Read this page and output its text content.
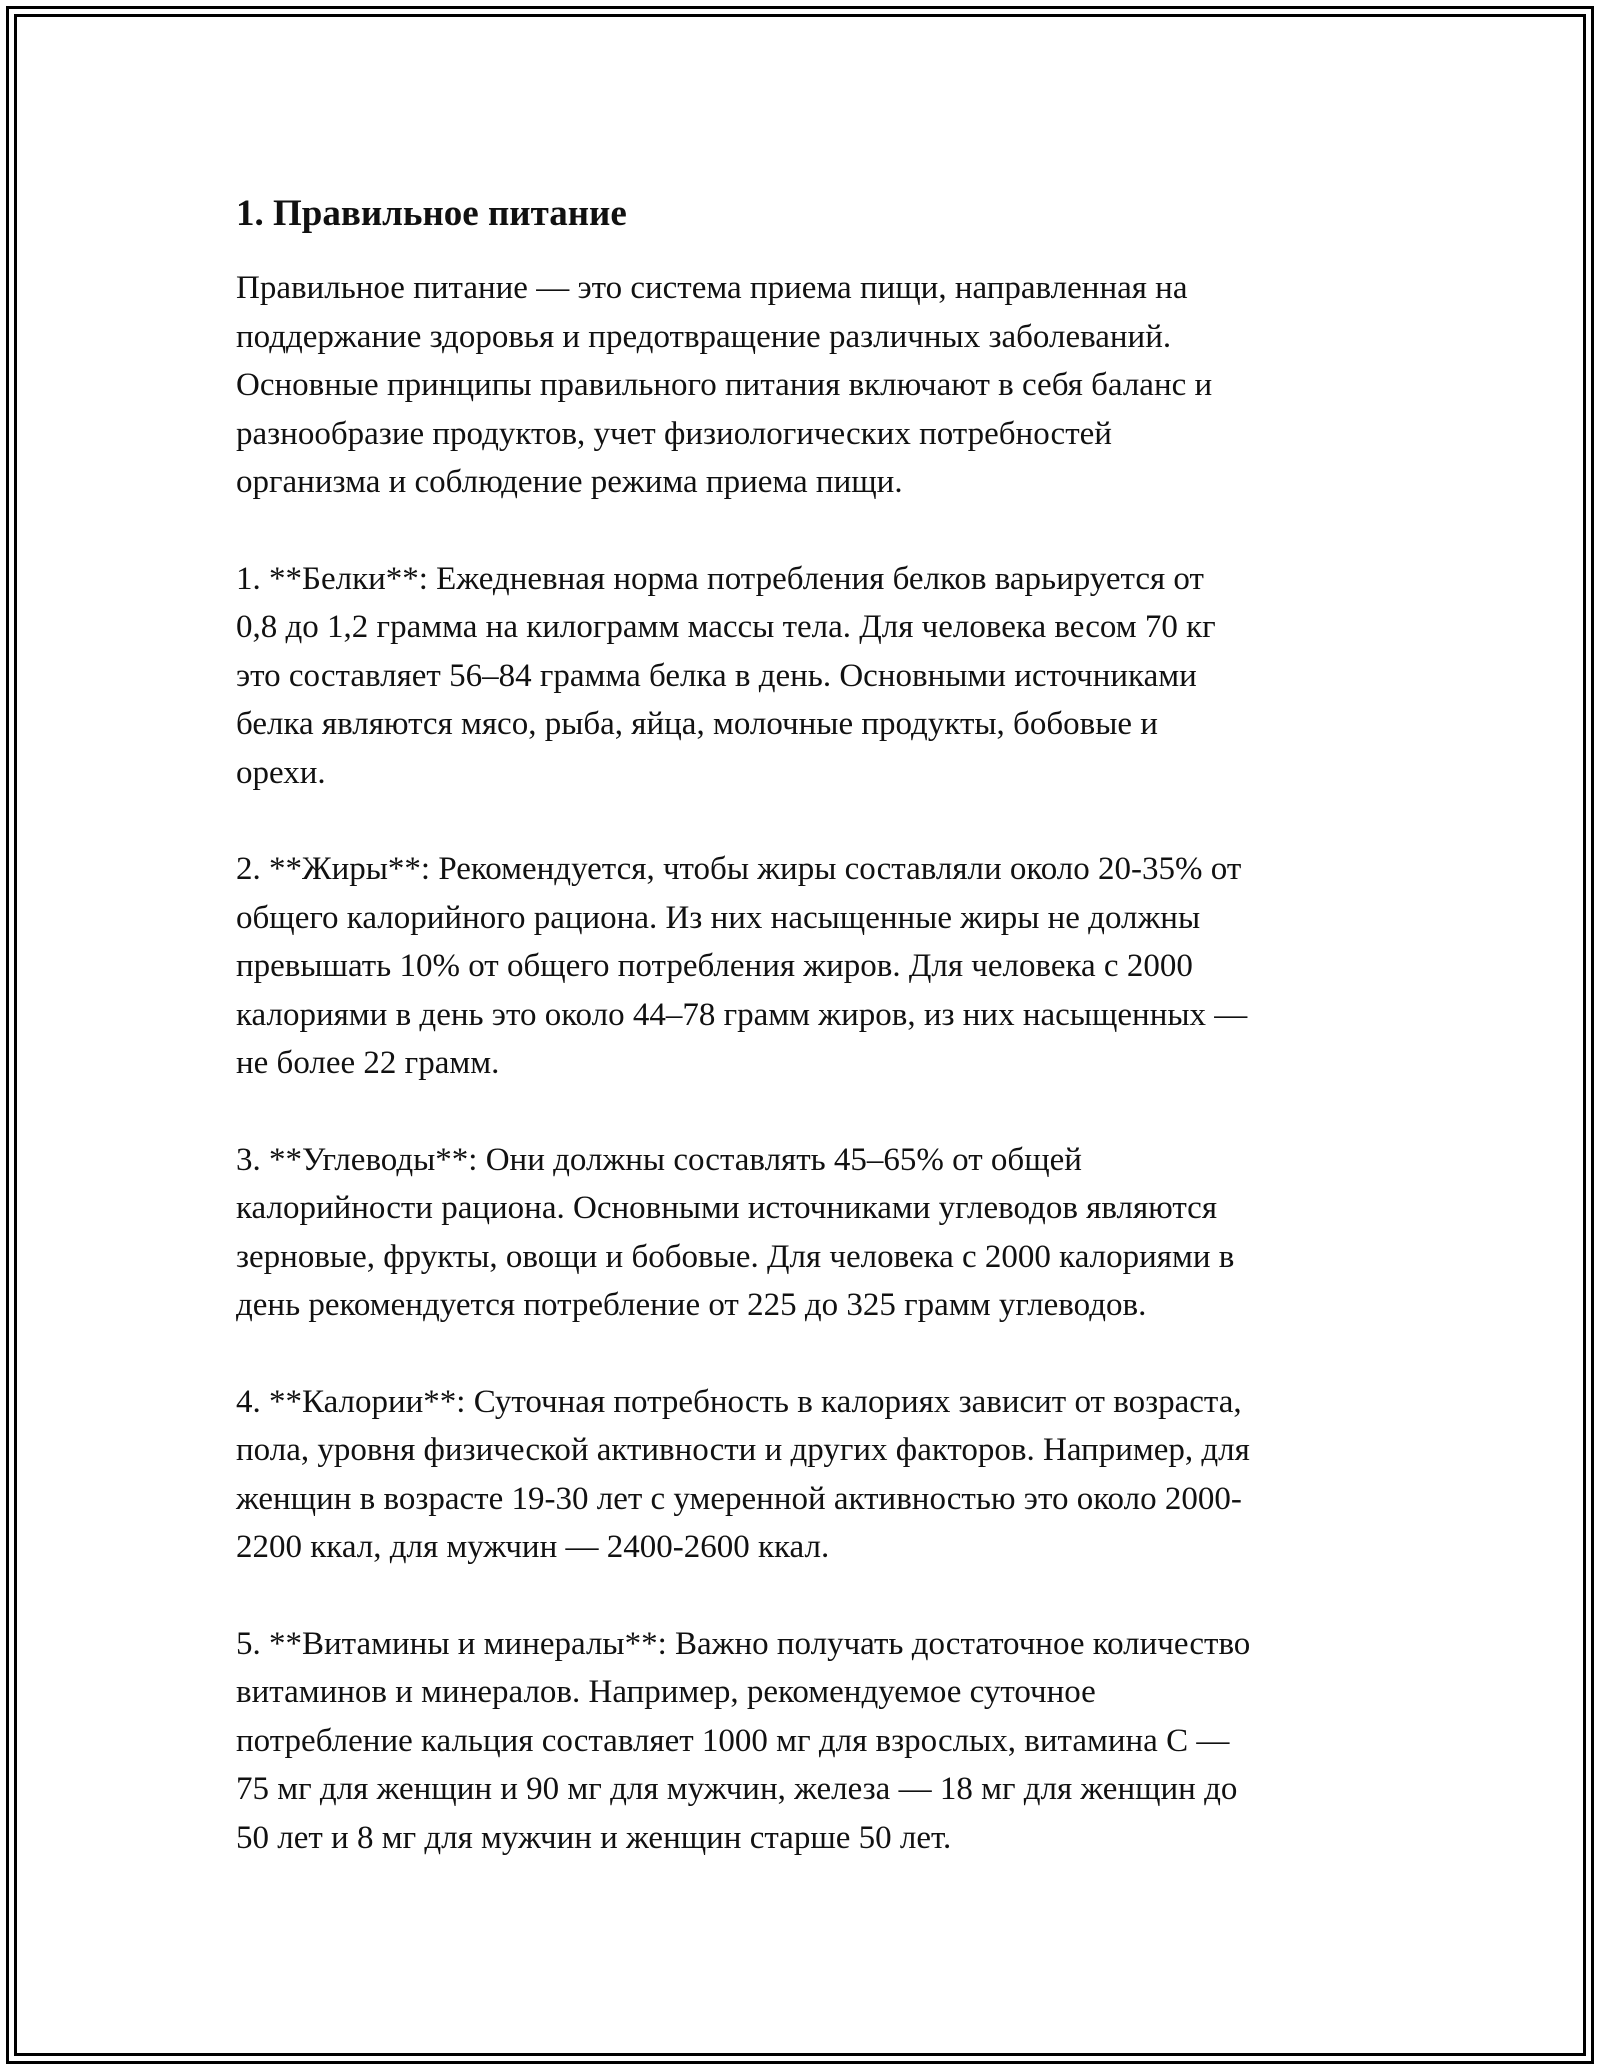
1. Правильное питание

Правильное питание — это система приема пищи, направленная на
поддержание здоровья и предотвращение различных заболеваний.
Основные принципы правильного питания включают в себя баланс и
разнообразие продуктов, учет физиологических потребностей
организма и соблюдение режима приема пищи.

1. **Белки**: Ежедневная норма потребления белков варьируется от
0,8 до 1,2 грамма на килограмм массы тела. Для человека весом 70 кг
это составляет 56–84 грамма белка в день. Основными источниками
белка являются мясо, рыба, яйца, молочные продукты, бобовые и
орехи.

2. **Жиры**: Рекомендуется, чтобы жиры составляли около 20-35% от
общего калорийного рациона. Из них насыщенные жиры не должны
превышать 10% от общего потребления жиров. Для человека с 2000
калориями в день это около 44–78 грамм жиров, из них насыщенных —
не более 22 грамм.

3. **Углеводы**: Они должны составлять 45–65% от общей
калорийности рациона. Основными источниками углеводов являются
зерновые, фрукты, овощи и бобовые. Для человека с 2000 калориями в
день рекомендуется потребление от 225 до 325 грамм углеводов.

4. **Калории**: Суточная потребность в калориях зависит от возраста,
пола, уровня физической активности и других факторов. Например, для
женщин в возрасте 19-30 лет с умеренной активностью это около 2000-
2200 ккал, для мужчин — 2400-2600 ккал.

5. **Витамины и минералы**: Важно получать достаточное количество
витаминов и минералов. Например, рекомендуемое суточное
потребление кальция составляет 1000 мг для взрослых, витамина С —
75 мг для женщин и 90 мг для мужчин, железа — 18 мг для женщин до
50 лет и 8 мг для мужчин и женщин старше 50 лет.
